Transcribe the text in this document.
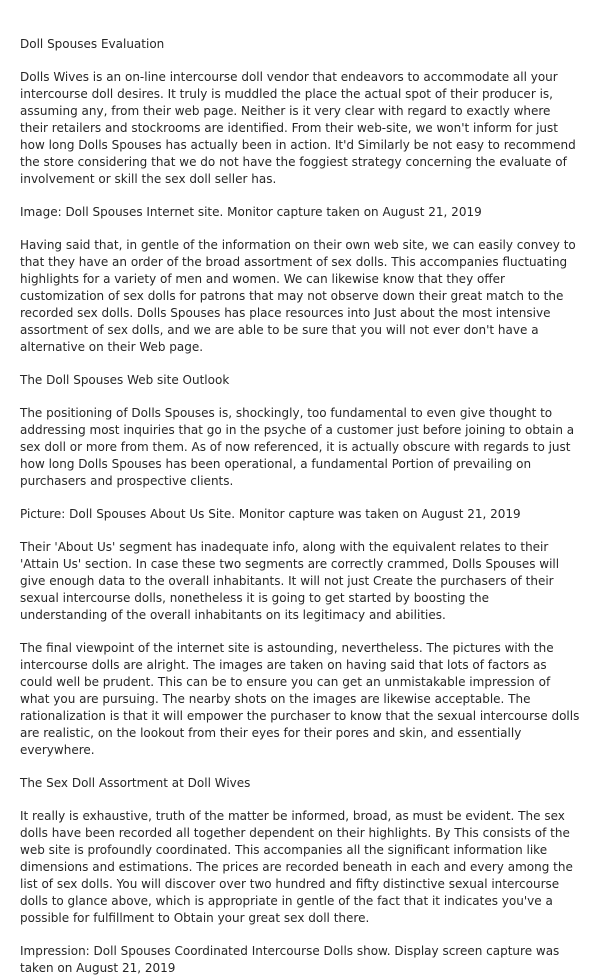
Doll Spouses Evaluation

Dolls Wives is an on-line intercourse doll vendor that endeavors to accommodate all your intercourse doll desires. It truly is muddled the place the actual spot of their producer is, assuming any, from their web page. Neither is it very clear with regard to exactly where their retailers and stockrooms are identified. From their web-site, we won't inform for just how long Dolls Spouses has actually been in action. It'd Similarly be not easy to recommend the store considering that we do not have the foggiest strategy concerning the evaluate of involvement or skill the sex doll seller has.

Image: Doll Spouses Internet site. Monitor capture taken on August 21, 2019

Having said that, in gentle of the information on their own web site, we can easily convey to that they have an order of the broad assortment of sex dolls. This accompanies fluctuating highlights for a variety of men and women. We can likewise know that they offer customization of sex dolls for patrons that may not observe down their great match to the recorded sex dolls. Dolls Spouses has place resources into Just about the most intensive assortment of sex dolls, and we are able to be sure that you will not ever don't have a alternative on their Web page.

The Doll Spouses Web site Outlook

The positioning of Dolls Spouses is, shockingly, too fundamental to even give thought to addressing most inquiries that go in the psyche of a customer just before joining to obtain a sex doll or more from them. As of now referenced, it is actually obscure with regards to just how long Dolls Spouses has been operational, a fundamental Portion of prevailing on purchasers and prospective clients.

Picture: Doll Spouses About Us Site. Monitor capture was taken on August 21, 2019

Their 'About Us' segment has inadequate info, along with the equivalent relates to their 'Attain Us' section. In case these two segments are correctly crammed, Dolls Spouses will give enough data to the overall inhabitants. It will not just Create the purchasers of their sexual intercourse dolls, nonetheless it is going to get started by boosting the understanding of the overall inhabitants on its legitimacy and abilities.

The final viewpoint of the internet site is astounding, nevertheless. The pictures with the intercourse dolls are alright. The images are taken on having said that lots of factors as could well be prudent. This can be to ensure you can get an unmistakable impression of what you are pursuing. The nearby shots on the images are likewise acceptable. The rationalization is that it will empower the purchaser to know that the sexual intercourse dolls are realistic, on the lookout from their eyes for their pores and skin, and essentially everywhere.

The Sex Doll Assortment at Doll Wives

It really is exhaustive, truth of the matter be informed, broad, as must be evident. The sex dolls have been recorded all together dependent on their highlights. By This consists of the web site is profoundly coordinated. This accompanies all the significant information like dimensions and estimations. The prices are recorded beneath in each and every among the list of sex dolls. You will discover over two hundred and fifty distinctive sexual intercourse dolls to glance above, which is appropriate in gentle of the fact that it indicates you've a possible for fulfillment to Obtain your great sex doll there.

Impression: Doll Spouses Coordinated Intercourse Dolls show. Display screen capture was taken on August 21, 2019
